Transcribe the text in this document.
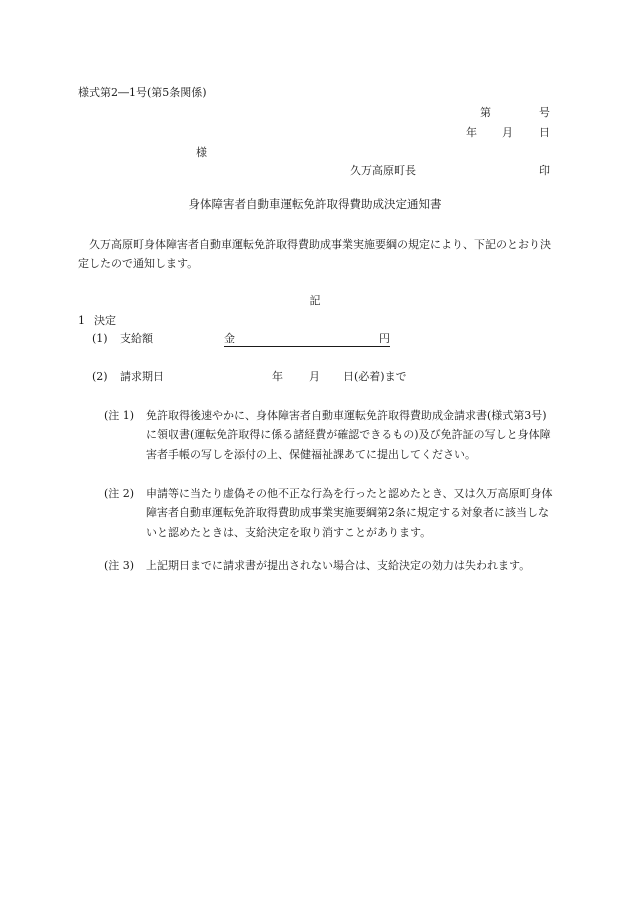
様式第2―1号(第5条関係)
第	号
年 月 日
様
久万高原町長	印
身体障害者自動車運転免許取得費助成決定通知書
久万高原町身体障害者自動車運転免許取得費助成事業実施要綱の規定により、下記のとおり決定したので通知します。
記
1 決定
(1) 支給額	金	円
(2) 請求期日	年 月 日(必着)まで
(注 1)	免許取得後速やかに、身体障害者自動車運転免許取得費助成金請求書(様式第3号)に領収書(運転免許取得に係る諸経費が確認できるもの)及び免許証の写しと身体障害者手帳の写しを添付の上、保健福祉課あてに提出してください。
(注 2)	申請等に当たり虚偽その他不正な行為を行ったと認めたとき、又は久万高原町身体障害者自動車運転免許取得費助成事業実施要綱第2条に規定する対象者に該当しないと認めたときは、支給決定を取り消すことがあります。
(注 3)	上記期日までに請求書が提出されない場合は、支給決定の効力は失われます。
